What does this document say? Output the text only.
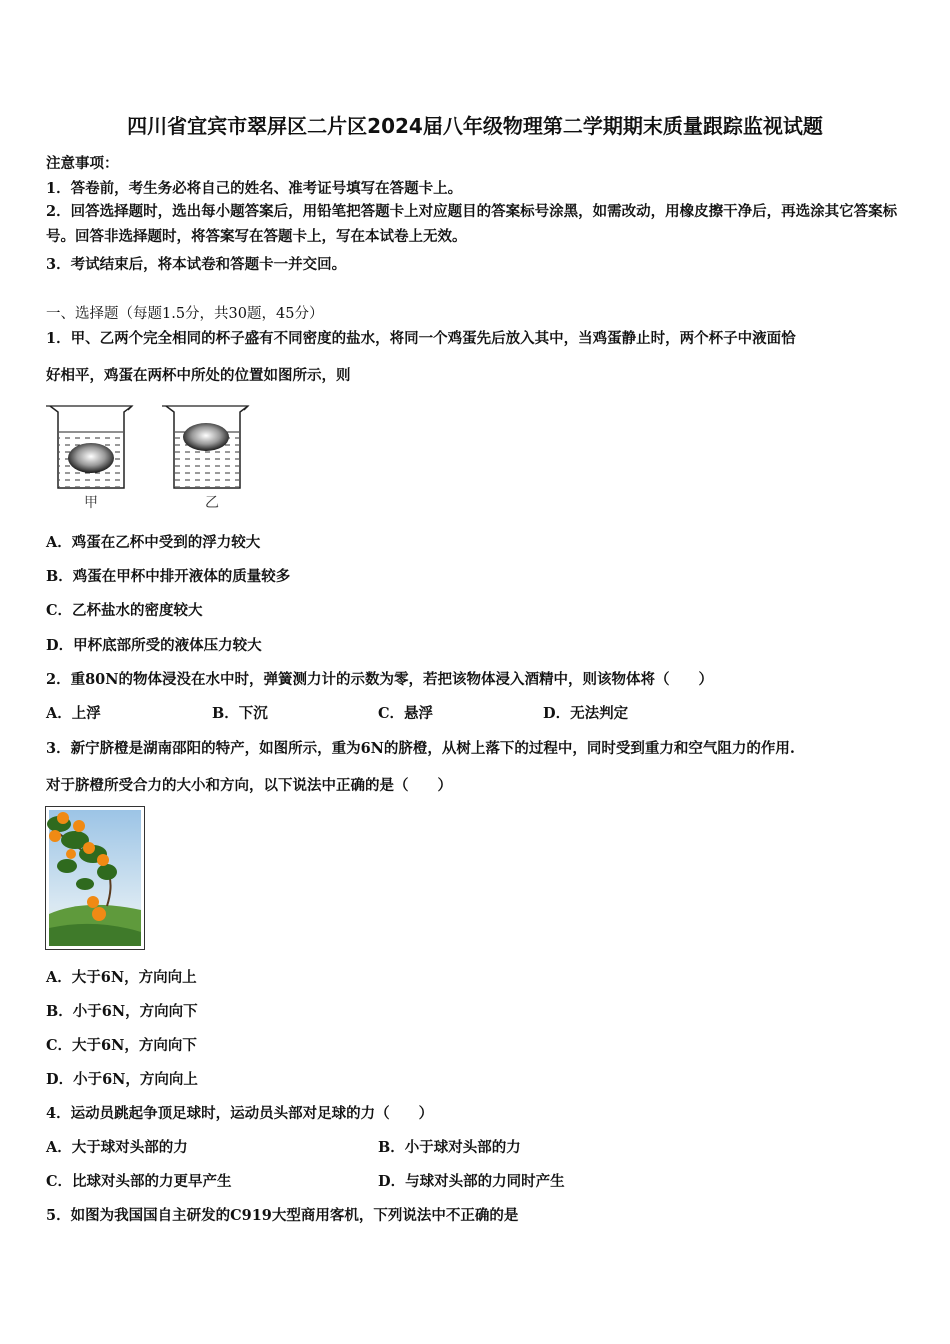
四川省宜宾市翠屏区二片区2024届八年级物理第二学期期末质量跟踪监视试题
注意事项：
1．答卷前，考生务必将自己的姓名、准考证号填写在答题卡上。
2．回答选择题时，选出每小题答案后，用铅笔把答题卡上对应题目的答案标号涂黑，如需改动，用橡皮擦干净后，再选涂其它答案标号。回答非选择题时，将答案写在答题卡上，写在本试卷上无效。
3．考试结束后，将本试卷和答题卡一并交回。
一、选择题（每题1.5分，共30题，45分）
1．甲、乙两个完全相同的杯子盛有不同密度的盐水，将同一个鸡蛋先后放入其中，当鸡蛋静止时，两个杯子中液面恰
好相平，鸡蛋在两杯中所处的位置如图所示，则
甲	乙
A．鸡蛋在乙杯中受到的浮力较大
B．鸡蛋在甲杯中排开液体的质量较多
C．乙杯盐水的密度较大
D．甲杯底部所受的液体压力较大
2．重80N的物体浸没在水中时，弹簧测力计的示数为零，若把该物体浸入酒精中，则该物体将（　　）
A．上浮	B．下沉	C．悬浮	D．无法判定
3．新宁脐橙是湖南邵阳的特产，如图所示，重为6N的脐橙，从树上落下的过程中，同时受到重力和空气阻力的作用.
对于脐橙所受合力的大小和方向，以下说法中正确的是（　　）
A．大于6N，方向向上
B．小于6N，方向向下
C．大于6N，方向向下
D．小于6N，方向向上
4．运动员跳起争顶足球时，运动员头部对足球的力（　　）
A．大于球对头部的力	B．小于球对头部的力
C．比球对头部的力更早产生	D．与球对头部的力同时产生
5．如图为我国国自主研发的C919大型商用客机，下列说法中不正确的是
